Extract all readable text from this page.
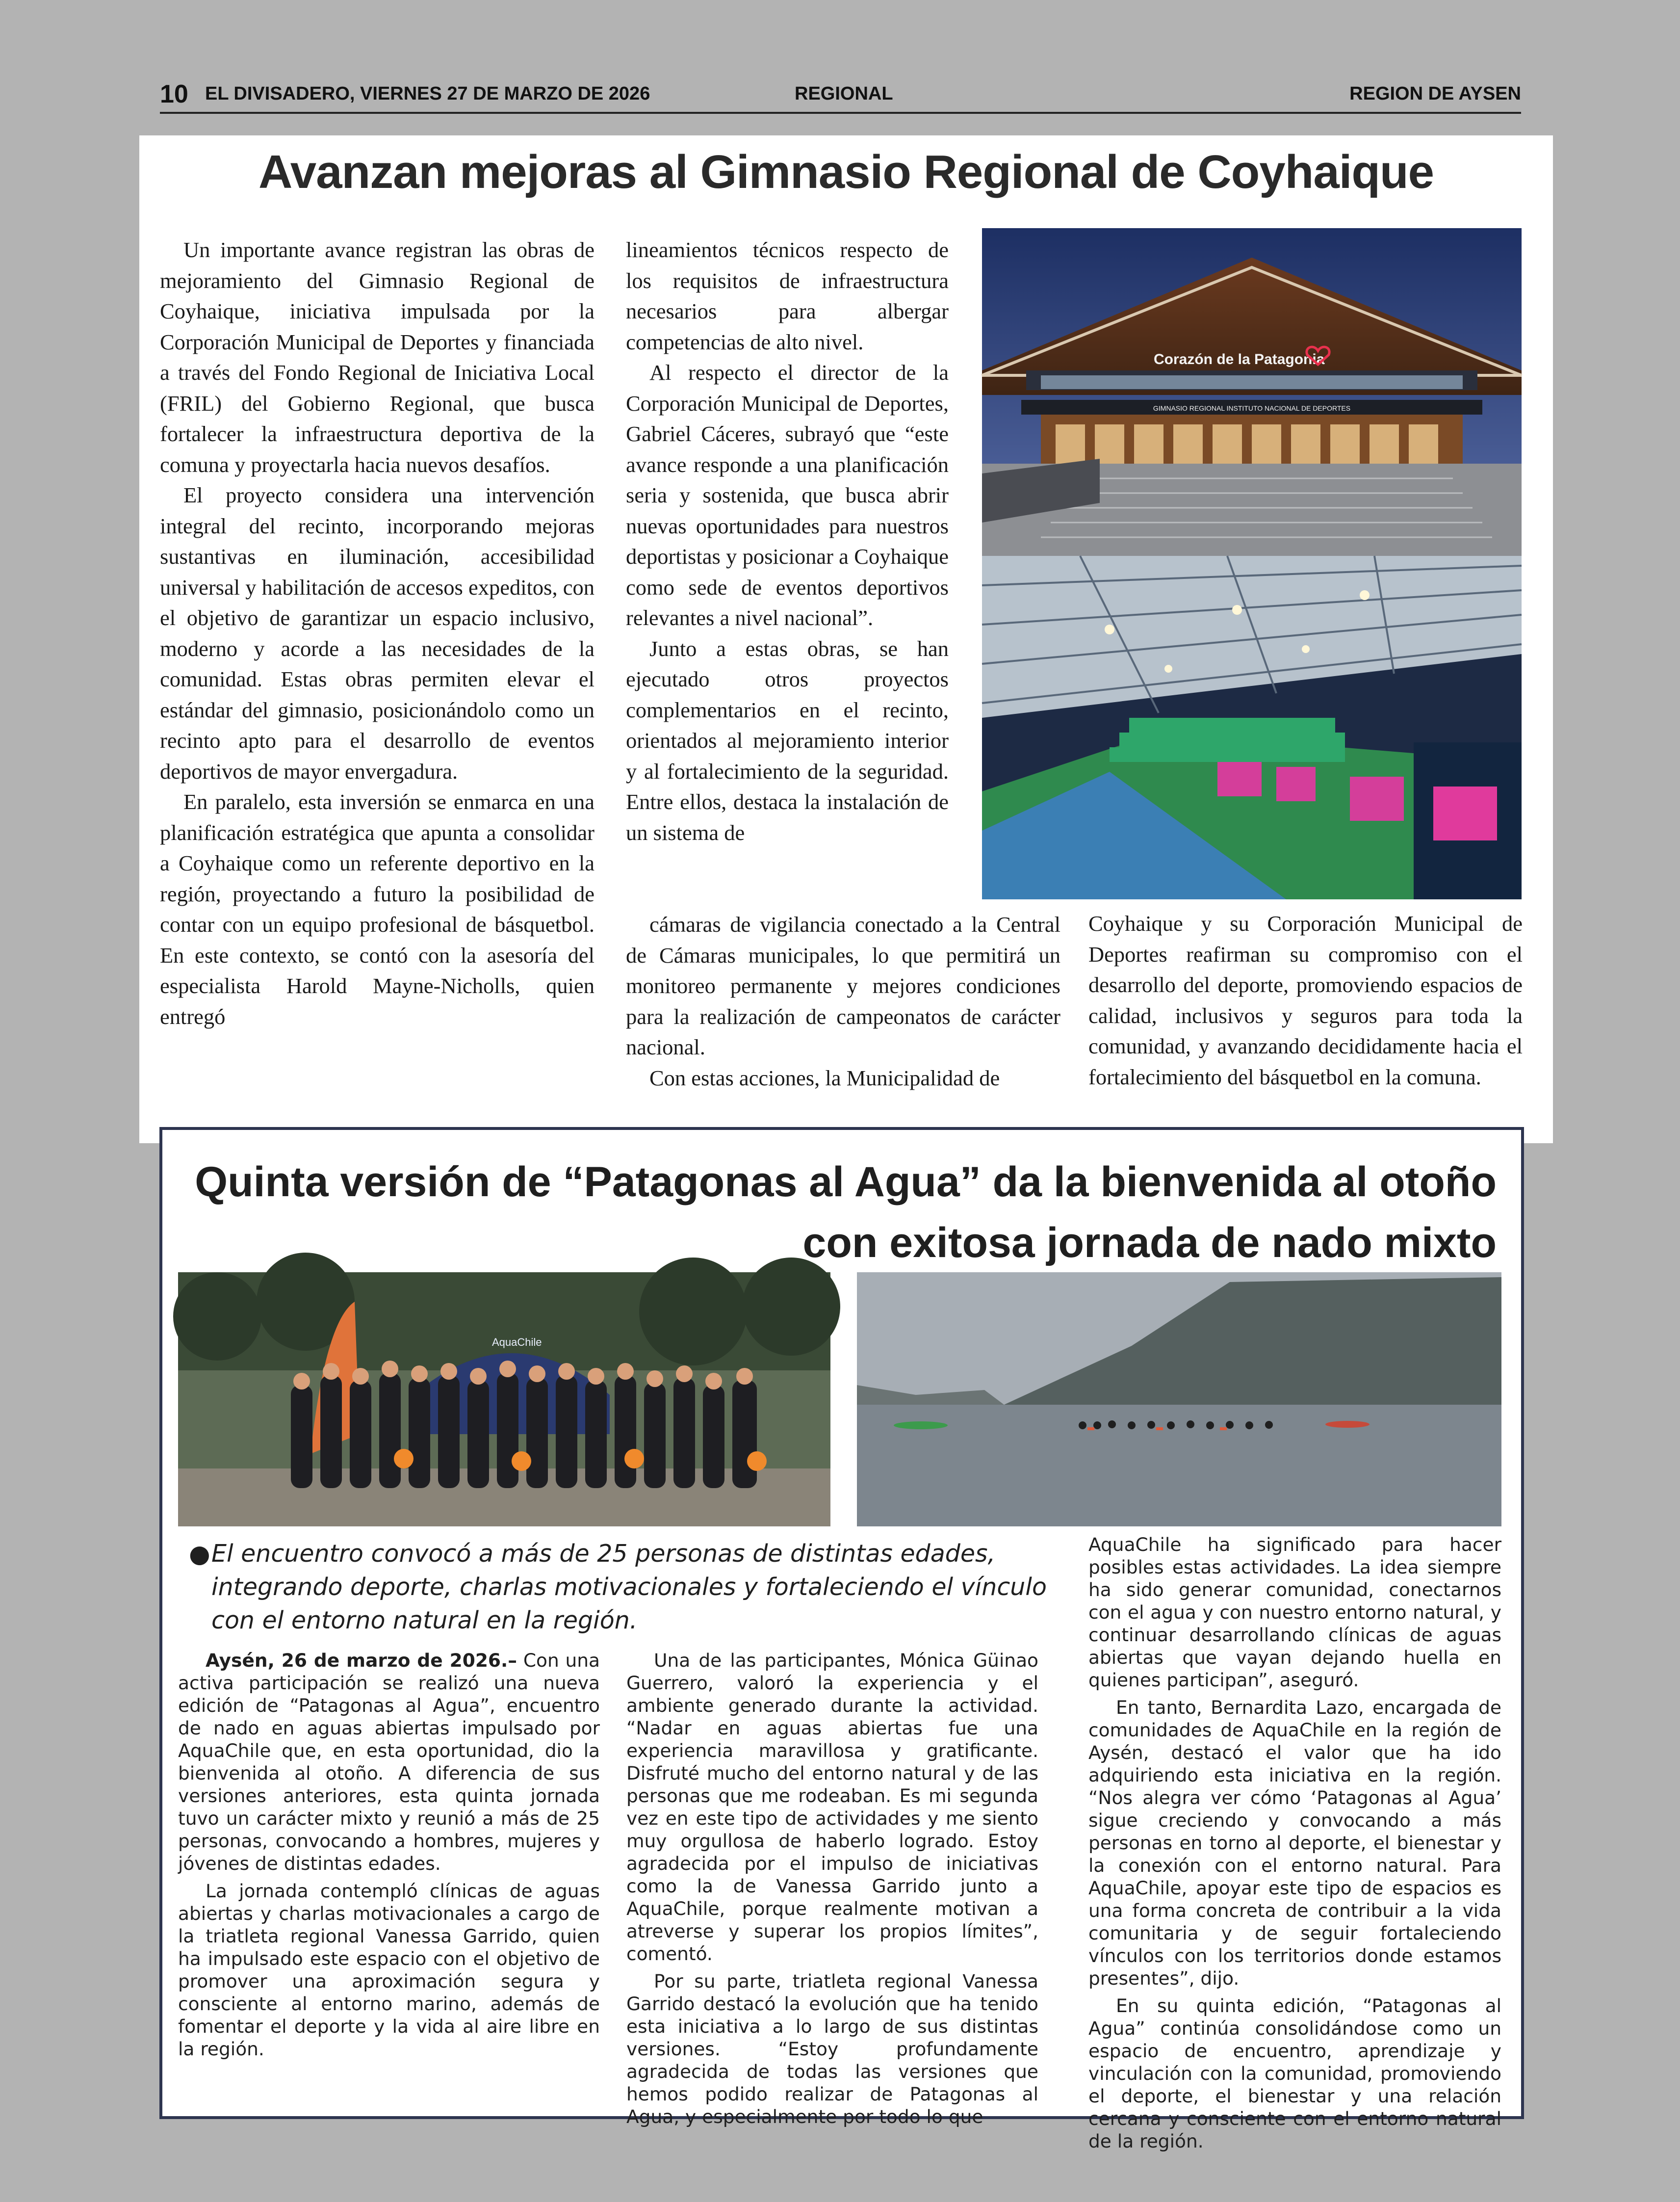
10 EL DIVISADERO, VIERNES 27 DE MARZO DE 2026	REGIONAL	REGION DE AYSEN
Avanzan mejoras al Gimnasio Regional de Coyhaique

Un importante avance registran las obras de mejoramiento del Gimnasio Regional de Coyhaique, iniciativa impulsada por la Corporación Municipal de Deportes y financiada a través del Fondo Regional de Iniciativa Local (FRIL) del Gobierno Regional, que busca fortalecer la infraestructura deportiva de la comuna y proyectarla hacia nuevos desafíos.

El proyecto considera una intervención integral del recinto, incorporando mejoras sustantivas en iluminación, accesibilidad universal y habilitación de accesos expeditos, con el objetivo de garantizar un espacio inclusivo, moderno y acorde a las necesidades de la comunidad. Estas obras permiten elevar el estándar del gimnasio, posicionándolo como un recinto apto para el desarrollo de eventos deportivos de mayor envergadura.

En paralelo, esta inversión se enmarca en una planificación estratégica que apunta a consolidar a Coyhaique como un referente deportivo en la región, proyectando a futuro la posibilidad de contar con un equipo profesional de básquetbol. En este contexto, se contó con la asesoría del especialista Harold Mayne-Nicholls, quien entregó

lineamientos técnicos respecto de los requisitos de infraestructura necesarios para albergar competencias de alto nivel.

Al respecto el director de la Corporación Municipal de Deportes, Gabriel Cáceres, subrayó que “este avance responde a una planificación seria y sostenida, que busca abrir nuevas oportunidades para nuestros deportistas y posicionar a Coyhaique como sede de eventos deportivos relevantes a nivel nacional”.

Junto a estas obras, se han ejecutado otros proyectos complementarios en el recinto, orientados al mejoramiento interior y al fortalecimiento de la seguridad. Entre ellos, destaca la instalación de un sistema de

cámaras de vigilancia conectado a la Central de Cámaras municipales, lo que permitirá un monitoreo permanente y mejores condiciones para la realización de campeonatos de carácter nacional.

Con estas acciones, la Municipalidad de

Coyhaique y su Corporación Municipal de Deportes reafirman su compromiso con el desarrollo del deporte, promoviendo espacios de calidad, inclusivos y seguros para toda la comunidad, y avanzando decididamente hacia el fortalecimiento del básquetbol en la comuna.

Corazón de la Patagonia
GIMNASIO REGIONAL INSTITUTO NACIONAL DE DEPORTES
Quinta versión de “Patagonas al Agua” da la bienvenida al otoño
con exitosa jornada de nado mixto
AquaChile
● El encuentro convocó a más de 25 personas de distintas edades, integrando deporte, charlas motivacionales y fortaleciendo el vínculo con el entorno natural en la región.

Aysén, 26 de marzo de 2026.– Con una activa participación se realizó una nueva edición de “Patagonas al Agua”, encuentro de nado en aguas abiertas impulsado por AquaChile que, en esta oportunidad, dio la bienvenida al otoño. A diferencia de sus versiones anteriores, esta quinta jornada tuvo un carácter mixto y reunió a más de 25 personas, convocando a hombres, mujeres y jóvenes de distintas edades.

La jornada contempló clínicas de aguas abiertas y charlas motivacionales a cargo de la triatleta regional Vanessa Garrido, quien ha impulsado este espacio con el objetivo de promover una aproximación segura y consciente al entorno marino, además de fomentar el deporte y la vida al aire libre en la región.

Una de las participantes, Mónica Güinao Guerrero, valoró la experiencia y el ambiente generado durante la actividad. “Nadar en aguas abiertas fue una experiencia maravillosa y gratificante. Disfruté mucho del entorno natural y de las personas que me rodeaban. Es mi segunda vez en este tipo de actividades y me siento muy orgullosa de haberlo logrado. Estoy agradecida por el impulso de iniciativas como la de Vanessa Garrido junto a AquaChile, porque realmente motivan a atreverse y superar los propios límites”, comentó.

Por su parte, triatleta regional Vanessa Garrido destacó la evolución que ha tenido esta iniciativa a lo largo de sus distintas versiones. “Estoy profundamente agradecida de todas las versiones que hemos podido realizar de Patagonas al Agua, y especialmente por todo lo que

AquaChile ha significado para hacer posibles estas actividades. La idea siempre ha sido generar comunidad, conectarnos con el agua y con nuestro entorno natural, y continuar desarrollando clínicas de aguas abiertas que vayan dejando huella en quienes participan”, aseguró.

En tanto, Bernardita Lazo, encargada de comunidades de AquaChile en la región de Aysén, destacó el valor que ha ido adquiriendo esta iniciativa en la región. “Nos alegra ver cómo ‘Patagonas al Agua’ sigue creciendo y convocando a más personas en torno al deporte, el bienestar y la conexión con el entorno natural. Para AquaChile, apoyar este tipo de espacios es una forma concreta de contribuir a la vida comunitaria y de seguir fortaleciendo vínculos con los territorios donde estamos presentes”, dijo.

En su quinta edición, “Patagonas al Agua” continúa consolidándose como un espacio de encuentro, aprendizaje y vinculación con la comunidad, promoviendo el deporte, el bienestar y una relación cercana y consciente con el entorno natural de la región.
